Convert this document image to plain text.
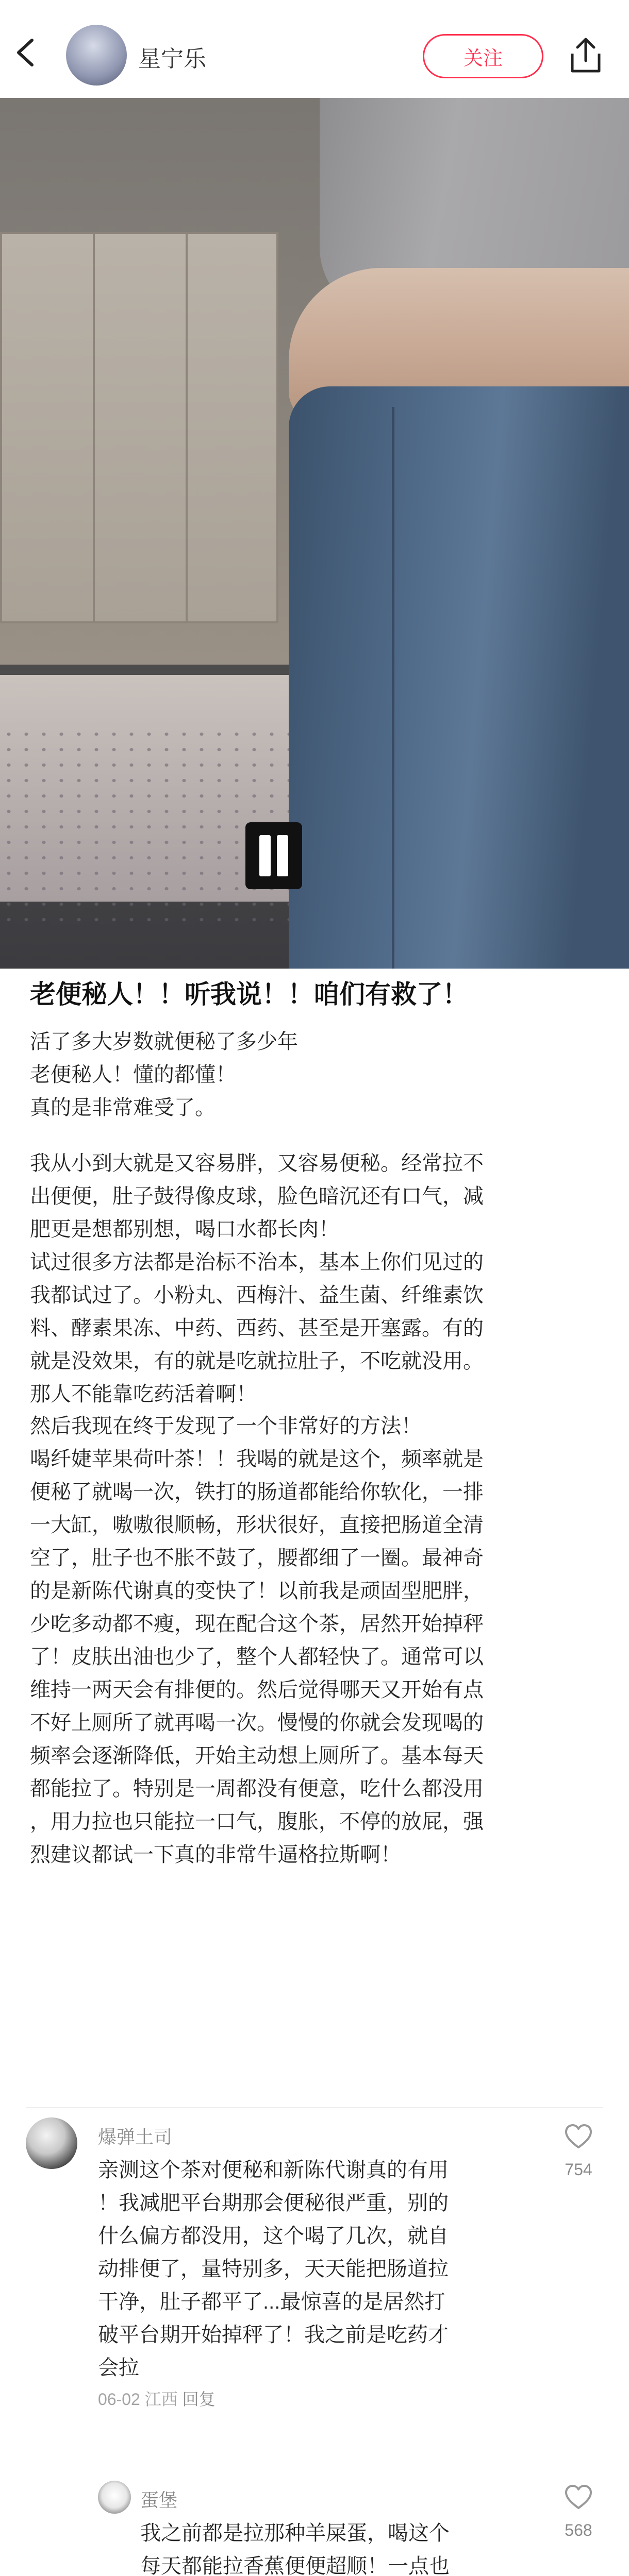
星宁乐	关注
老便秘人！！听我说！！咱们有救了！
活了多大岁数就便秘了多少年
老便秘人！懂的都懂！
真的是非常难受了。
我从小到大就是又容易胖，又容易便秘。经常拉不
出便便，肚子鼓得像皮球，脸色暗沉还有口气，减
肥更是想都别想，喝口水都长肉！
试过很多方法都是治标不治本，基本上你们见过的
我都试过了。小粉丸、西梅汁、益生菌、纤维素饮
料、酵素果冻、中药、西药、甚至是开塞露。有的
就是没效果，有的就是吃就拉肚子，不吃就没用。
那人不能靠吃药活着啊！
然后我现在终于发现了一个非常好的方法！
喝纤婕苹果荷叶茶！！我喝的就是这个，频率就是
便秘了就喝一次，铁打的肠道都能给你软化，一排
一大缸，嗷嗷很顺畅，形状很好，直接把肠道全清
空了，肚子也不胀不鼓了，腰都细了一圈。最神奇
的是新陈代谢真的变快了！以前我是顽固型肥胖，
少吃多动都不瘦，现在配合这个茶，居然开始掉秤
了！皮肤出油也少了，整个人都轻快了。通常可以
维持一两天会有排便的。然后觉得哪天又开始有点
不好上厕所了就再喝一次。慢慢的你就会发现喝的
频率会逐渐降低，开始主动想上厕所了。基本每天
都能拉了。特别是一周都没有便意，吃什么都没用
，用力拉也只能拉一口气，腹胀，不停的放屁，强
烈建议都试一下真的非常牛逼格拉斯啊！
爆弹土司
亲测这个茶对便秘和新陈代谢真的有用
！我减肥平台期那会便秘很严重，别的
什么偏方都没用，这个喝了几次，就自
动排便了，量特别多，天天能把肠道拉
干净，肚子都平了...最惊喜的是居然打
破平台期开始掉秤了！我之前是吃药才
会拉
06-02 江西 回复
754
蛋堡
我之前都是拉那种羊屎蛋，喝这个
每天都能拉香蕉便便超顺！一点也
568
